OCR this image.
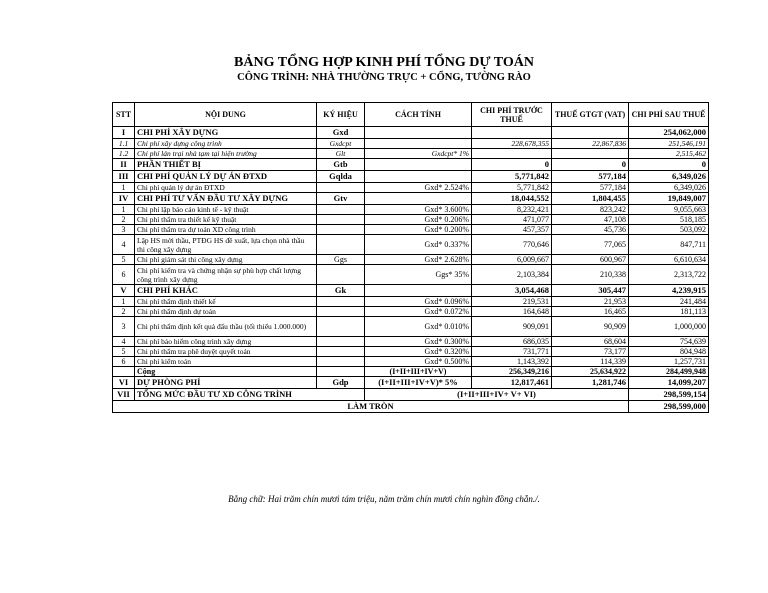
BẢNG TỔNG HỢP KINH PHÍ TỔNG DỰ TOÁN
CÔNG TRÌNH: NHÀ THƯỜNG TRỰC + CỔNG, TƯỜNG RÀO
STT	NỘI DUNG	KÝ HIỆU	CÁCH TÍNH	CHI PHÍ TRƯỚC THUẾ	THUẾ GTGT (VAT)	CHI PHÍ SAU THUẾ
I	CHI PHÍ XÂY DỰNG	Gxd				254,062,000
1.1	Chi phí xây dựng công trình	Gxdcpt		228,678,355	22,867,836	251,546,191
1.2	Chi phí lán trại nhà tạm tại hiện trường	Glt	Gxdcpt* 1%			2,515,462
II	PHẦN THIẾT BỊ	Gtb		0	0	0
III	CHI PHÍ QUẢN LÝ DỰ ÁN ĐTXD	Gqlda		5,771,842	577,184	6,349,026
1	Chi phí quản lý dự án ĐTXD		Gxd* 2.524%	5,771,842	577,184	6,349,026
IV	CHI PHÍ TƯ VẤN ĐẦU TƯ XÂY DỰNG	Gtv		18,044,552	1,804,455	19,849,007
1	Chi phí lập báo cáo kinh tế - kỹ thuật		Gxd* 3.600%	8,232,421	823,242	9,055,663
2	Chi phí thẩm tra thiết kế kỹ thuật		Gxd* 0.206%	471,077	47,108	518,185
3	Chi phí thẩm tra dự toán XD công trình		Gxd* 0.200%	457,357	45,736	503,092
4	Lập HS mời thầu, PTĐG HS đề xuất, lựa chọn nhà thầu thi công xây dựng		Gxd* 0.337%	770,646	77,065	847,711
5	Chi phí giám sát thi công xây dựng	Ggs	Gxd* 2.628%	6,009,667	600,967	6,610,634
6	Chi phí kiểm tra và chứng nhận sự phù hợp chất lượng công trình xây dựng		Ggs* 35%	2,103,384	210,338	2,313,722
V	CHI PHÍ KHÁC	Gk		3,054,468	305,447	4,239,915
1	Chi phí thẩm định thiết kế		Gxd* 0.096%	219,531	21,953	241,484
2	Chi phí thẩm định dự toán		Gxd* 0.072%	164,648	16,465	181,113
3	Chi phí thẩm định kết quả đấu thầu (tối thiểu 1.000.000)		Gxd* 0.010%	909,091	90,909	1,000,000
4	Chi phí bảo hiểm công trình xây dựng		Gxd* 0.300%	686,035	68,604	754,639
5	Chi phí thẩm tra phê duyệt quyết toán		Gxd* 0.320%	731,771	73,177	804,948
6	Chi phí kiểm toán		Gxd* 0.500%	1,143,392	114,339	1,257,731
	Cộng		(I+II+III+IV+V)	256,349,216	25,634,922	284,499,948
VI	DỰ PHÒNG PHÍ	Gdp	(I+II+III+IV+V)* 5%	12,817,461	1,281,746	14,099,207
VII	TỔNG MỨC ĐẦU TƯ XD CÔNG TRÌNH		(I+II+III+IV+ V+ VI)			298,599,154
LÀM TRÒN						298,599,000
Bằng chữ: Hai trăm chín mươi tám triệu, năm trăm chín mươi chín nghìn đồng chẵn./.
